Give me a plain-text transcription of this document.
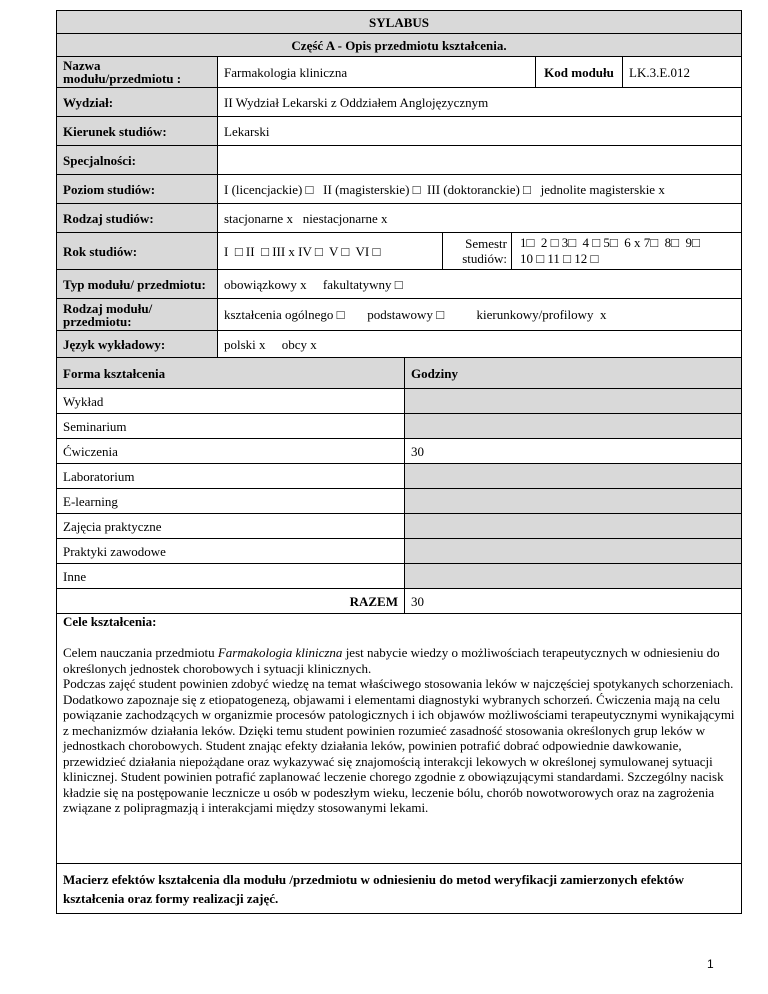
SYLABUS
Część A - Opis przedmiotu kształcenia.
Nazwa modułu/przedmiotu :		Farmakologia kliniczna	Kod modułu	LK.3.E.012

Wydział:	II Wydział Lekarski z Oddziałem Anglojęzycznym
Kierunek studiów:	Lekarski
Specjalności:	
Poziom studiów:	I (licencjackie) □   II (magisterskie) □  III (doktoranckie) □   jednolite magisterskie x
Rodzaj studiów:	stacjonarne x   niestacjonarne x
Rok studiów:		I  □ II  □ III x IV □  V □  VI □	Semestr studiów:	
1□  2 □ 3□  4 □ 5□  6 x 7□  8□  9□
10 □ 11 □ 12 □

Typ modułu/ przedmiotu:	obowiązkowy x     fakultatywny □
Rodzaj modułu/ przedmiotu:	kształcenia ogólnego □       podstawowy □          kierunkowy/profilowy  x
Język wykładowy:	polski x     obcy x
Forma kształcenia	Godziny
Wykład	
Seminarium	
Ćwiczenia	30
Laboratorium	
E-learning	
Zajęcia praktyczne	
Praktyki zawodowe	
Inne	
RAZEM	30

Cele kształcenia:
Celem nauczania przedmiotu Farmakologia kliniczna jest nabycie wiedzy o możliwościach terapeutycznych w odniesieniu do określonych jednostek chorobowych i sytuacji klinicznych.
Podczas zajęć student powinien zdobyć wiedzę na temat właściwego stosowania leków w najczęściej spotykanych schorzeniach. Dodatkowo zapoznaje się z etiopatogenezą, objawami i elementami diagnostyki wybranych schorzeń. Ćwiczenia mają na celu powiązanie zachodzących w organizmie procesów patologicznych i ich objawów możliwościami terapeutycznymi wynikającymi z mechanizmów działania leków. Dzięki temu student powinien rozumieć zasadność stosowania określonych grup leków w jednostkach chorobowych. Student znając efekty działania leków, powinien potrafić dobrać odpowiednie dawkowanie, przewidzieć działania niepożądane oraz wykazywać się znajomością interakcji lekowych w określonej symulowanej sytuacji klinicznej. Student powinien potrafić zaplanować leczenie chorego zgodnie z obowiązującymi standardami. Szczególny nacisk kładzie się na postępowanie lecznicze u osób w podeszłym wieku, leczenie bólu, chorób nowotworowych oraz na zagrożenia związane z polipragmazją i interakcjami między stosowanymi lekami.

Macierz efektów kształcenia dla modułu /przedmiotu w odniesieniu do metod weryfikacji zamierzonych efektów kształcenia oraz formy realizacji zajęć.
1
